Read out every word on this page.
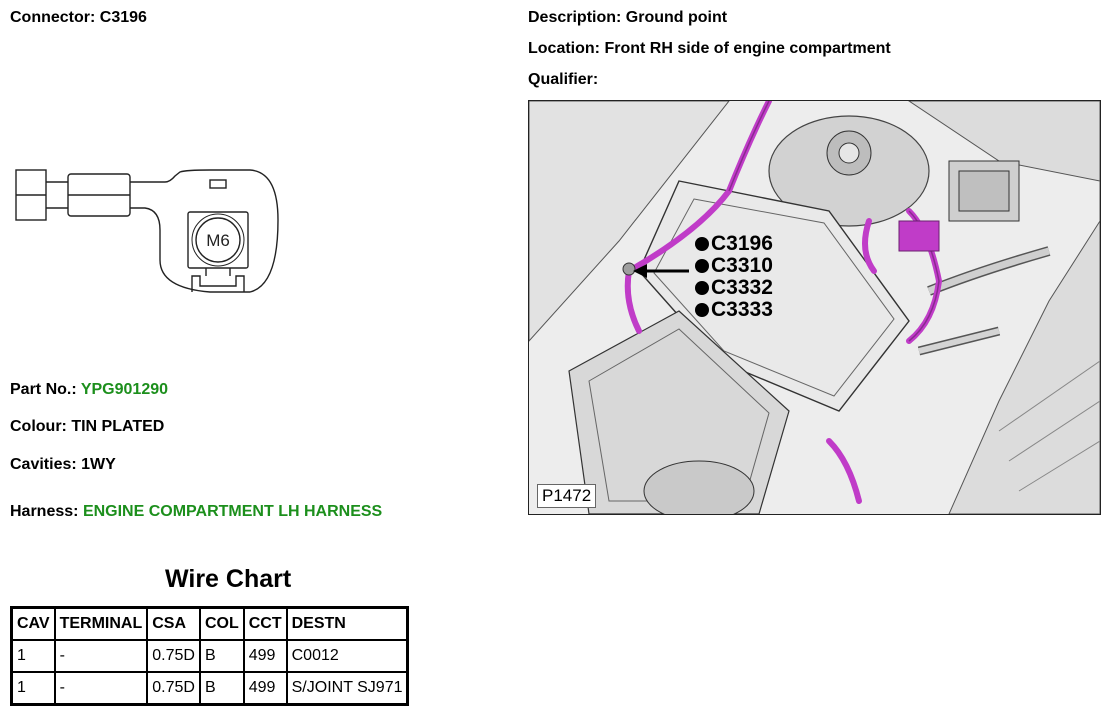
Connector: C3196	Description: Ground point
Location: Front RH side of engine compartment
Qualifier:
M6
Part No.: YPG901290
Colour: TIN PLATED
Cavities: 1WY
Harness: ENGINE COMPARTMENT LH HARNESS
C3196
C3310
C3332
C3333
P1472
Wire Chart
CAV	TERMINAL	CSA	COL	CCT	DESTN
1	-	0.75D	B	499	C0012
1	-	0.75D	B	499	S/JOINT SJ971
